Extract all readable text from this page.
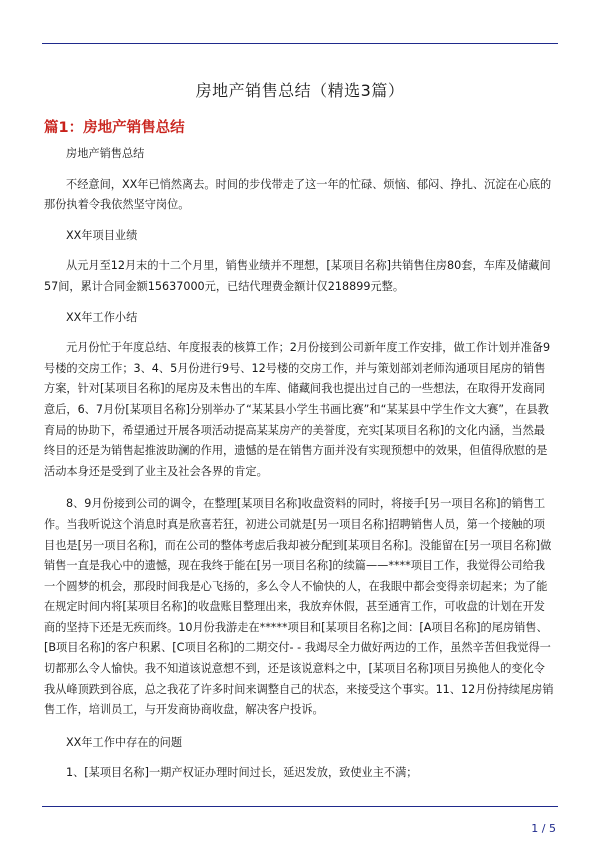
房地产销售总结（精选3篇）
篇1：房地产销售总结

房地产销售总结

不经意间，XX年已悄然离去。时间的步伐带走了这一年的忙碌、烦恼、郁闷、挣扎、沉淀在心底的那份执着令我依然坚守岗位。

XX年项目业绩

从元月至12月末的十二个月里，销售业绩并不理想，[某项目名称]共销售住房80套，车库及储藏间57间，累计合同金额15637000元，已结代理费金额计仅218899元整。

XX年工作小结

元月份忙于年度总结、年度报表的核算工作；2月份接到公司新年度工作安排，做工作计划并准备9号楼的交房工作；3、4、5月份进行9号、12号楼的交房工作，并与策划部刘老师沟通项目尾房的销售方案，针对[某项目名称]的尾房及未售出的车库、储藏间我也提出过自己的一些想法，在取得开发商同意后，6、7月份[某项目名称]分别举办了“某某县小学生书画比赛”和“某某县中学生作文大赛”，在县教育局的协助下，希望通过开展各项活动提高某某房产的美誉度，充实[某项目名称]的文化内涵，当然最终目的还是为销售起推波助澜的作用，遗憾的是在销售方面并没有实现预想中的效果，但值得欣慰的是活动本身还是受到了业主及社会各界的肯定。

8、9月份接到公司的调令，在整理[某项目名称]收盘资料的同时，将接手[另一项目名称]的销售工作。当我听说这个消息时真是欣喜若狂，初进公司就是[另一项目名称]招聘销售人员，第一个接触的项目也是[另一项目名称]，而在公司的整体考虑后我却被分配到[某项目名称]。没能留在[另一项目名称]做销售一直是我心中的遗憾，现在我终于能在[另一项目名称]的续篇——****项目工作，我觉得公司给我一个圆梦的机会，那段时间我是心飞扬的，多么令人不愉快的人，在我眼中都会变得亲切起来；为了能在规定时间内将[某项目名称]的收盘账目整理出来，我放弃休假，甚至通宵工作，可收盘的计划在开发商的坚持下还是无疾而终。10月份我游走在*****项目和[某项目名称]之间：[A项目名称]的尾房销售、[B项目名称]的客户积累、[C项目名称]的二期交付- - 我竭尽全力做好两边的工作，虽然辛苦但我觉得一切都那么令人愉快。我不知道该说意想不到，还是该说意料之中，[某项目名称]项目另换他人的变化令我从峰顶跌到谷底，总之我花了许多时间来调整自己的状态，来接受这个事实。11、12月份持续尾房销售工作，培训员工，与开发商协商收盘，解决客户投诉。

XX年工作中存在的问题

1、[某项目名称]一期产权证办理时间过长，延迟发放，致使业主不满；

1 / 5
